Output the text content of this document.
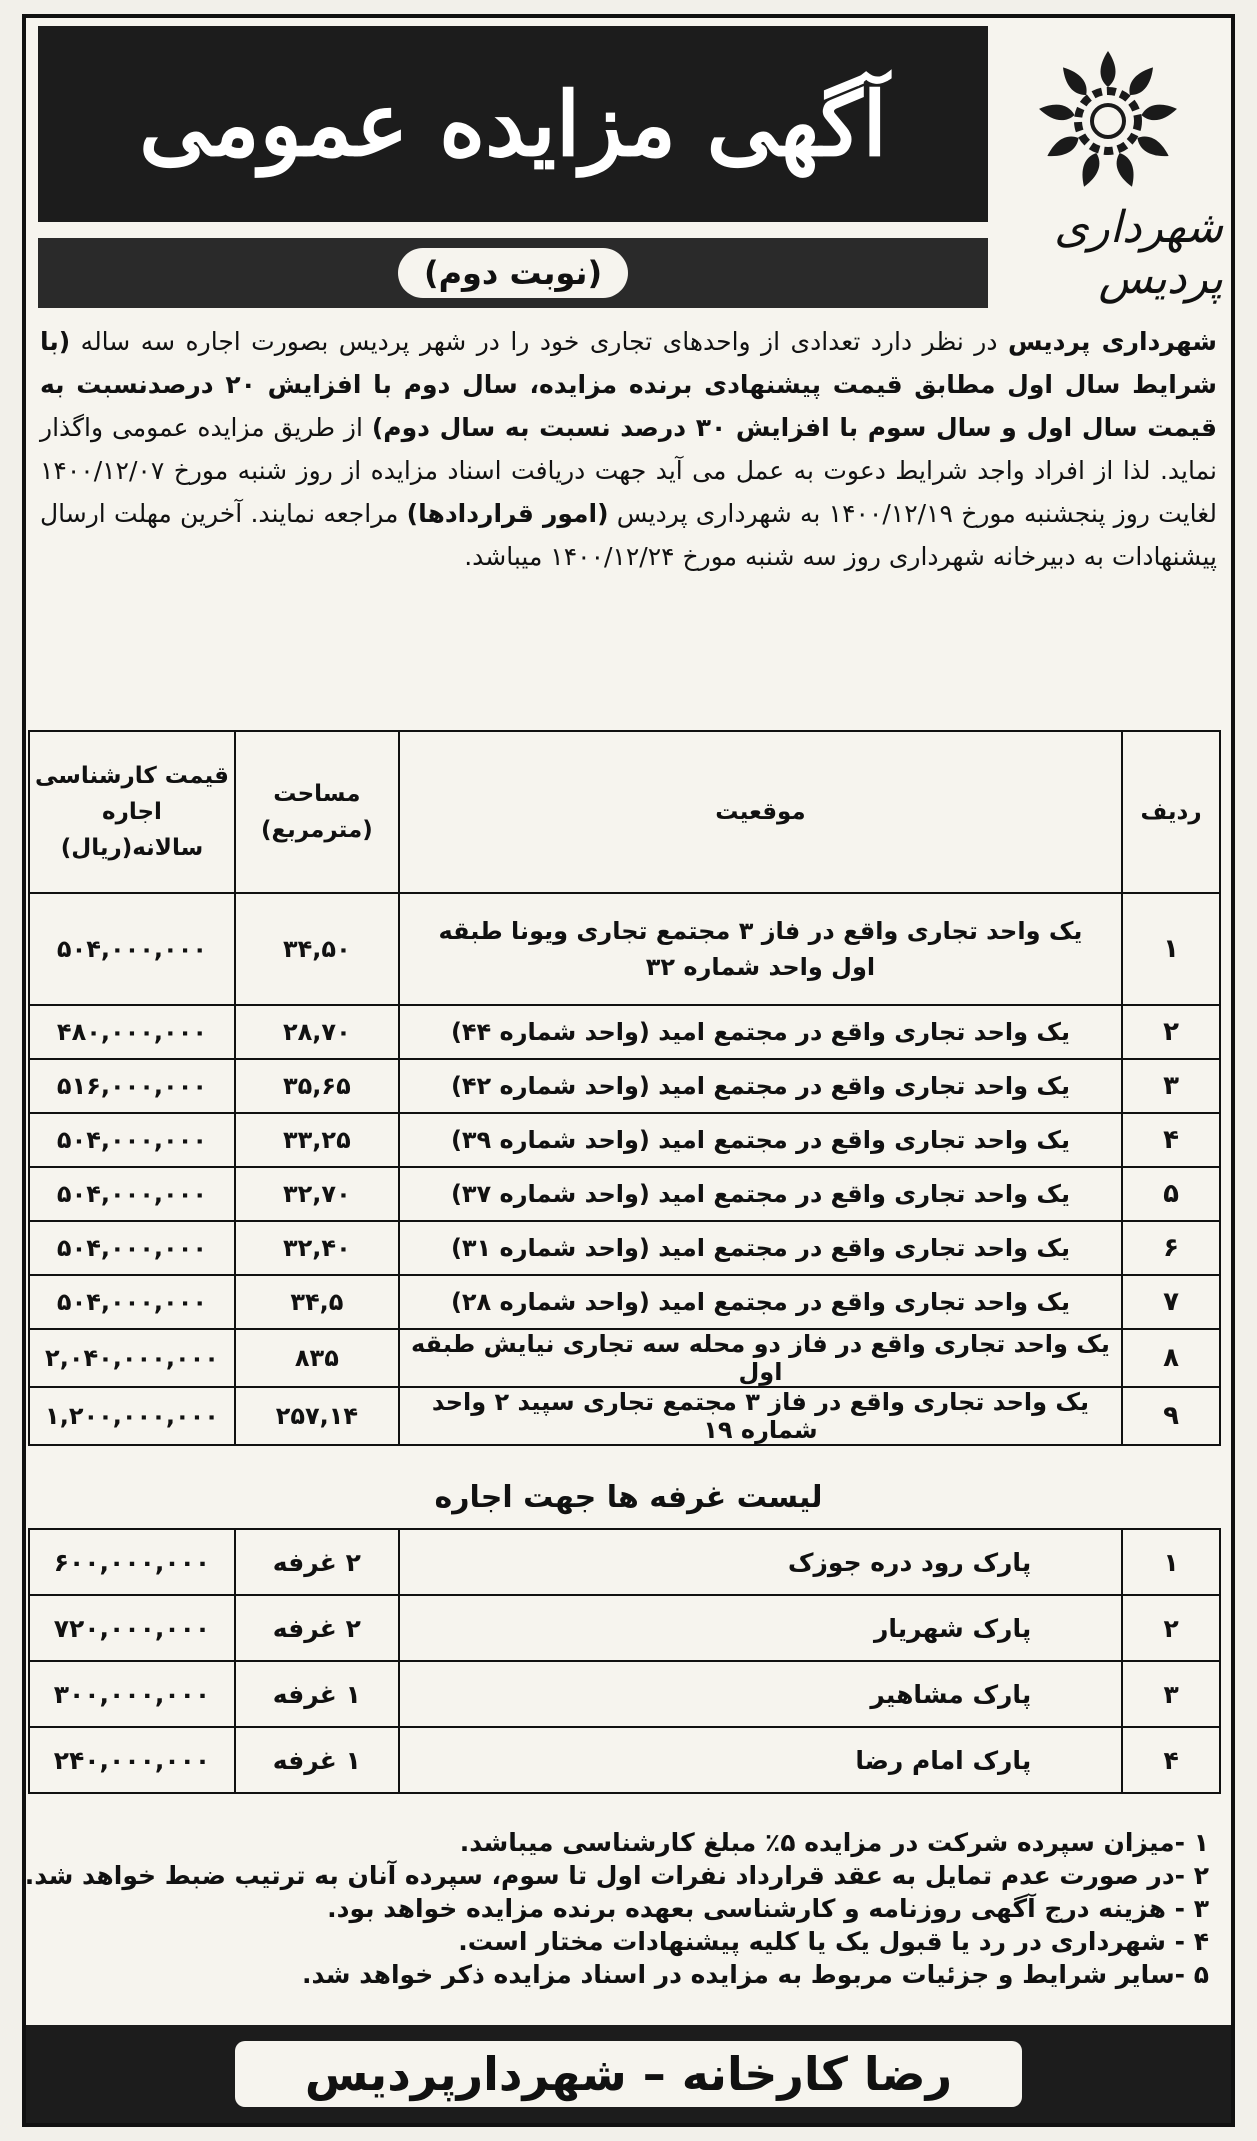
آگهی مزایده عمومی
(نوبت دوم)
شهرداری پردیس
شهرداری پردیس در نظر دارد تعدادی از واحدهای تجاری خود را در شهر پردیس بصورت اجاره سه ساله (با شرایط سال اول مطابق قیمت پیشنهادی برنده مزایده، سال دوم با افزایش ۲۰ درصدنسبت به قیمت سال اول و سال سوم با افزایش ۳۰ درصد نسبت به سال دوم) از طریق مزایده عمومی واگذار نماید. لذا از افراد واجد شرایط دعوت به عمل می آید جهت دریافت اسناد مزایده از روز شنبه مورخ ۱۴۰۰/۱۲/۰۷ لغایت روز پنجشنبه مورخ ۱۴۰۰/۱۲/۱۹ به شهرداری پردیس (امور قراردادها) مراجعه نمایند. آخرین مهلت ارسال پیشنهادات به دبیرخانه شهرداری روز سه شنبه مورخ ۱۴۰۰/۱۲/۲۴ میباشد.
ردیف	موقعیت	مساحت (مترمربع)	قیمت کارشناسی اجاره سالانه(ریال)
۱	یک واحد تجاری واقع در فاز ۳ مجتمع تجاری ویونا طبقه اول واحد شماره ۳۲	۳۴,۵۰	۵۰۴,۰۰۰,۰۰۰
۲	یک واحد تجاری واقع در مجتمع امید (واحد شماره ۴۴)	۲۸,۷۰	۴۸۰,۰۰۰,۰۰۰
۳	یک واحد تجاری واقع در مجتمع امید (واحد شماره ۴۲)	۳۵,۶۵	۵۱۶,۰۰۰,۰۰۰
۴	یک واحد تجاری واقع در مجتمع امید (واحد شماره ۳۹)	۳۳,۲۵	۵۰۴,۰۰۰,۰۰۰
۵	یک واحد تجاری واقع در مجتمع امید (واحد شماره ۳۷)	۳۲,۷۰	۵۰۴,۰۰۰,۰۰۰
۶	یک واحد تجاری واقع در مجتمع امید (واحد شماره ۳۱)	۳۲,۴۰	۵۰۴,۰۰۰,۰۰۰
۷	یک واحد تجاری واقع در مجتمع امید (واحد شماره ۲۸)	۳۴,۵	۵۰۴,۰۰۰,۰۰۰
۸	یک واحد تجاری واقع در فاز دو محله سه تجاری نیایش طبقه اول	۸۳۵	۲,۰۴۰,۰۰۰,۰۰۰
۹	یک واحد تجاری واقع در فاز ۳ مجتمع تجاری سپید ۲ واحد شماره ۱۹	۲۵۷,۱۴	۱,۲۰۰,۰۰۰,۰۰۰
لیست غرفه ها جهت اجاره
۱	پارک رود دره جوزک	۲ غرفه	۶۰۰,۰۰۰,۰۰۰
۲	پارک شهریار	۲ غرفه	۷۲۰,۰۰۰,۰۰۰
۳	پارک مشاهیر	۱ غرفه	۳۰۰,۰۰۰,۰۰۰
۴	پارک امام رضا	۱ غرفه	۲۴۰,۰۰۰,۰۰۰
۱ -میزان سپرده شرکت در مزایده ۵٪ مبلغ کارشناسی میباشد.
۲ -در صورت عدم تمایل به عقد قرارداد نفرات اول تا سوم، سپرده آنان به ترتیب ضبط خواهد شد.
۳ - هزینه درج آگهی روزنامه و کارشناسی بعهده برنده مزایده خواهد بود.
۴ - شهرداری در رد یا قبول یک یا کلیه پیشنهادات مختار است.
۵ -سایر شرایط و جزئیات مربوط به مزایده در اسناد مزایده ذکر خواهد شد.
رضا کارخانه – شهردارپردیس
